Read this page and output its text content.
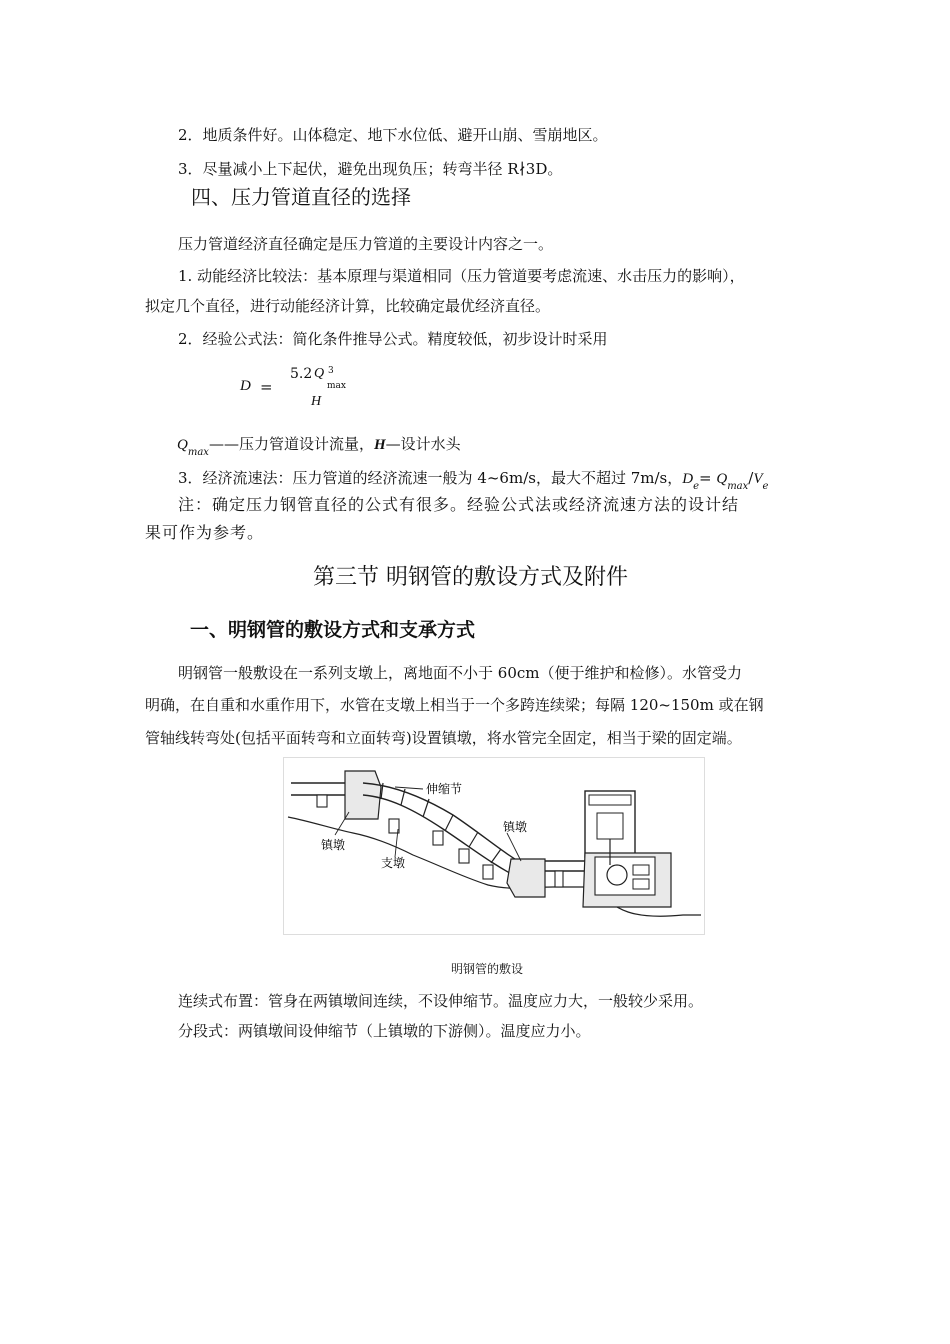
2．地质条件好。山体稳定、地下水位低、避开山崩、雪崩地区。
3．尽量减小上下起伏，避免出现负压；转弯半径 R∤3D。
四、压力管道直径的选择
压力管道经济直径确定是压力管道的主要设计内容之一。
1. 动能经济比较法：基本原理与渠道相同（压力管道要考虑流速、水击压力的影响），
拟定几个直径，进行动能经济计算，比较确定最优经济直径。
2．经验公式法：简化条件推导公式。精度较低，初步设计时采用
D =
5.2 Q 3
max
H
$Q_{max}——$压力管道设计流量，H—设计水头
3．经济流速法：压力管道的经济流速一般为 4~6m/s，最大不超过 7m/s，$D_e= Q_{max}/V_e$
注：确定压力钢管直径的公式有很多。经验公式法或经济流速方法的设计结
果可作为参考。
第三节 明钢管的敷设方式及附件
一、明钢管的敷设方式和支承方式
明钢管一般敷设在一系列支墩上，离地面不小于 60cm（便于维护和检修）。水管受力
明确，在自重和水重作用下，水管在支墩上相当于一个多跨连续梁；每隔 120~150m 或在钢
管轴线转弯处(包括平面转弯和立面转弯)设置镇墩，将水管完全固定，相当于梁的固定端。
伸缩节
镇墩
支墩
镇墩
明钢管的敷设
连续式布置：管身在两镇墩间连续，不设伸缩节。温度应力大，一般较少采用。
分段式：两镇墩间设伸缩节（上镇墩的下游侧）。温度应力小。
